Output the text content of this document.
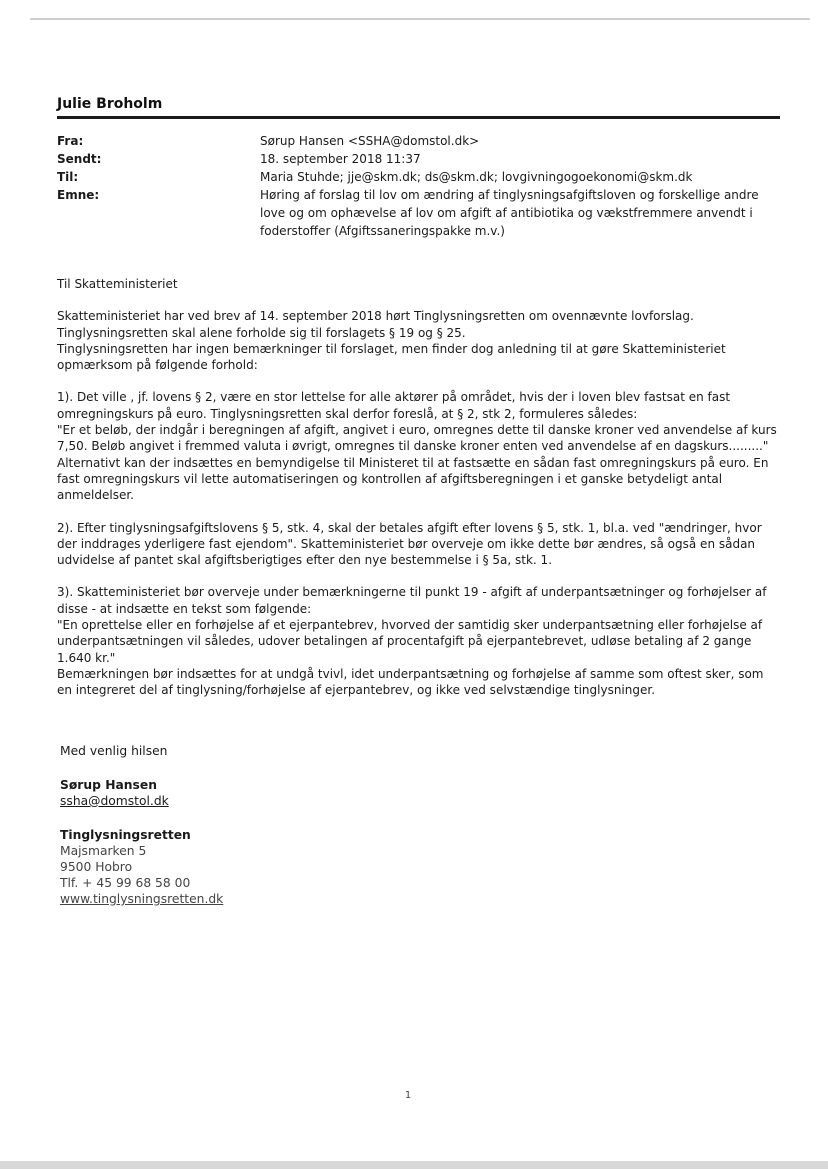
Julie Broholm
Fra:	Sørup Hansen <SSHA@domstol.dk>
Sendt:	18. september 2018 11:37
Til:	Maria Stuhde; jje@skm.dk; ds@skm.dk; lovgivningogoekonomi@skm.dk
Emne:	Høring af forslag til lov om ændring af tinglysningsafgiftsloven og forskellige andre love og om ophævelse af lov om afgift af antibiotika og vækstfremmere anvendt i foderstoffer (Afgiftssaneringspakke m.v.)

Til Skatteministeriet

Skatteministeriet har ved brev af 14. september 2018 hørt Tinglysningsretten om ovennævnte lovforslag.

Tinglysningsretten skal alene forholde sig til forslagets § 19 og § 25.

Tinglysningsretten har ingen bemærkninger til forslaget, men finder dog anledning til at gøre Skatteministeriet opmærksom på følgende forhold:

1). Det ville , jf. lovens § 2, være en stor lettelse for alle aktører på området, hvis der i loven blev fastsat en fast omregningskurs på euro. Tinglysningsretten skal derfor foreslå, at § 2, stk 2, formuleres således:

"Er et beløb, der indgår i beregningen af afgift, angivet i euro, omregnes dette til danske kroner ved anvendelse af kurs 7,50. Beløb angivet i fremmed valuta i øvrigt, omregnes til danske kroner enten ved anvendelse af en dagskurs........."

Alternativt kan der indsættes en bemyndigelse til Ministeret til at fastsætte en sådan fast omregningskurs på euro. En fast omregningskurs vil lette automatiseringen og kontrollen af afgiftsberegningen i et ganske betydeligt antal anmeldelser.

2). Efter tinglysningsafgiftslovens § 5, stk. 4, skal der betales afgift efter lovens § 5, stk. 1, bl.a. ved "ændringer, hvor der inddrages yderligere fast ejendom". Skatteministeriet bør overveje om ikke dette bør ændres, så også en sådan udvidelse af pantet skal afgiftsberigtiges efter den nye bestemmelse i § 5a, stk. 1.

3). Skatteministeriet bør overveje under bemærkningerne til punkt 19 - afgift af underpantsætninger og forhøjelser af disse - at indsætte en tekst som følgende:

"En oprettelse eller en forhøjelse af et ejerpantebrev, hvorved der samtidig sker underpantsætning eller forhøjelse af underpantsætningen vil således, udover betalingen af procentafgift på ejerpantebrevet, udløse betaling af 2 gange 1.640 kr."

Bemærkningen bør indsættes for at undgå tvivl, idet underpantsætning og forhøjelse af samme som oftest sker, som en integreret del af tinglysning/forhøjelse af ejerpantebrev, og ikke ved selvstændige tinglysninger.

Med venlig hilsen

Sørup Hansen

ssha@domstol.dk

Tinglysningsretten

Majsmarken 5

9500 Hobro

Tlf. + 45 99 68 58 00

www.tinglysningsretten.dk

1
